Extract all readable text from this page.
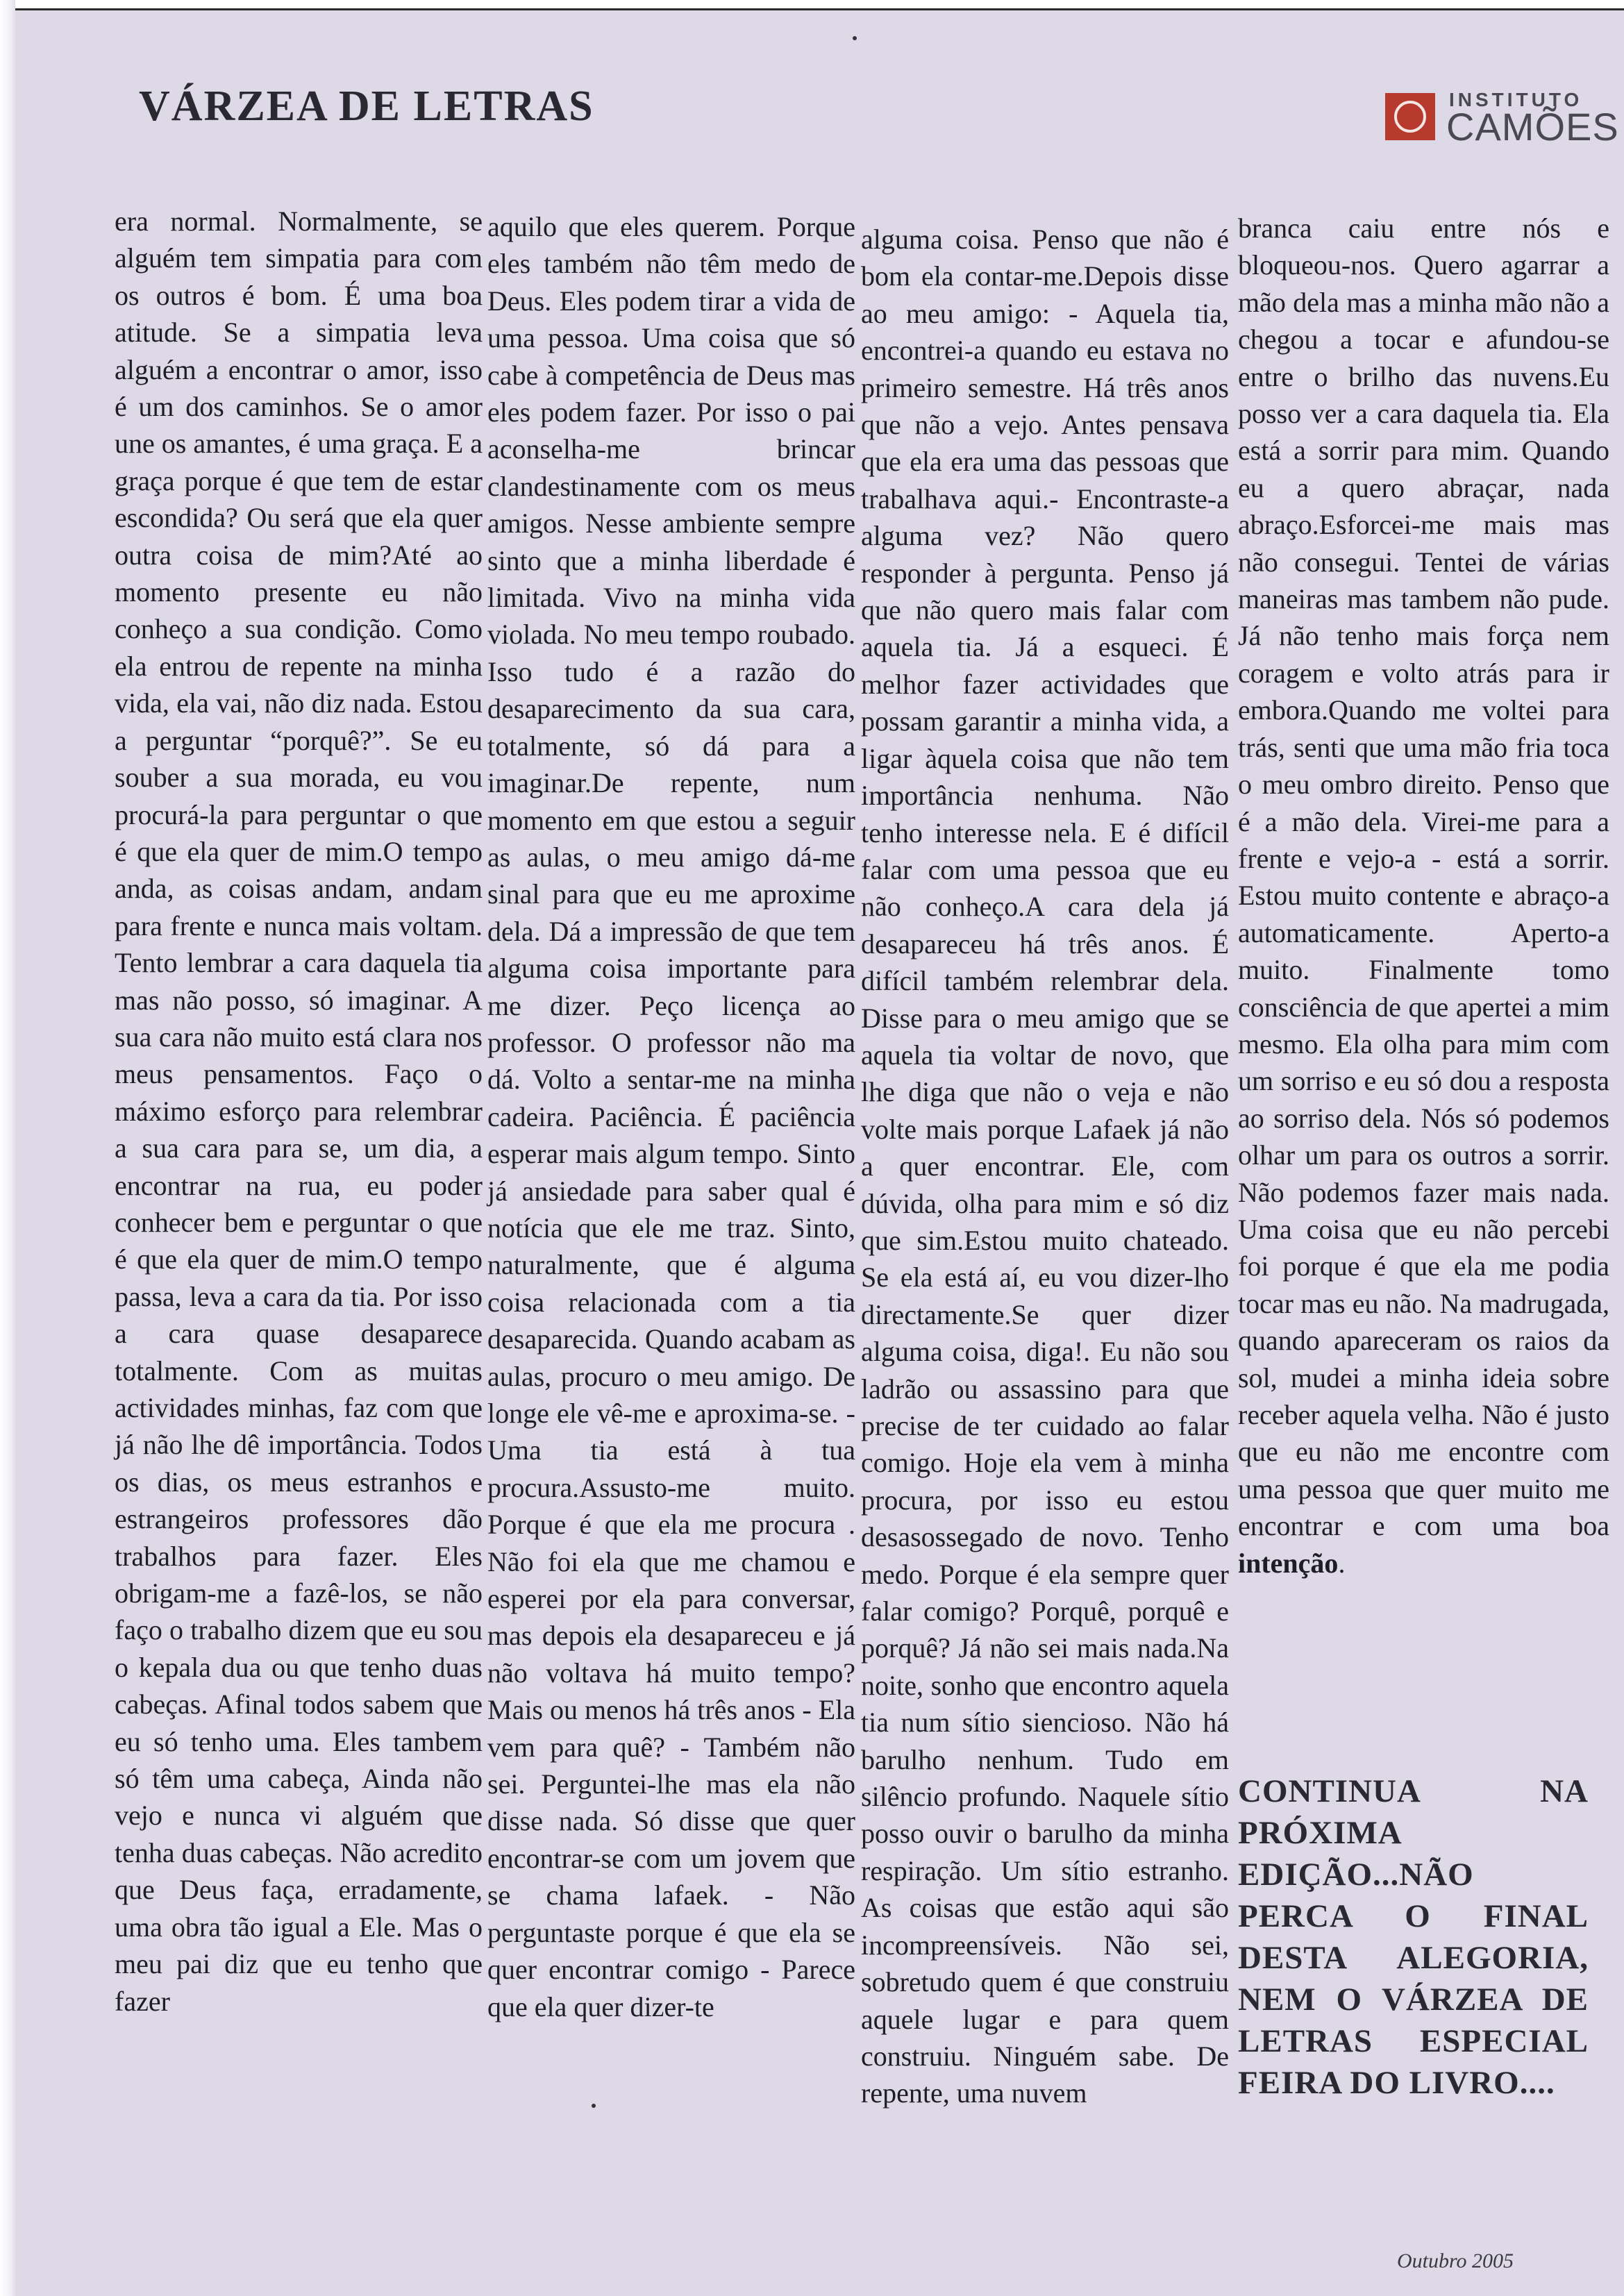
VÁRZEA DE LETRAS	INSTITUTO
CAMÕES
era normal. Normalmente, se alguém tem simpatia para com os outros é bom. É uma boa atitude. Se a simpatia leva alguém a encontrar o amor, isso é um dos caminhos. Se o amor une os amantes, é uma graça. E a graça porque é que tem de estar escondida? Ou será que ela quer outra coisa de mim?Até ao momento presente eu não conheço a sua condição. Como ela entrou de repente na minha vida, ela vai, não diz nada. Estou a perguntar “porquê?”. Se eu souber a sua morada, eu vou procurá-la para perguntar o que é que ela quer de mim.O tempo anda, as coisas andam, andam para frente e nunca mais voltam. Tento lembrar a cara daquela tia mas não posso, só imaginar. A sua cara não muito está clara nos meus pensamentos. Faço o máximo esforço para relembrar a sua cara para se, um dia, a encontrar na rua, eu poder conhecer bem e perguntar o que é que ela quer de mim.O tempo passa, leva a cara da tia. Por isso a cara quase desaparece totalmente. Com as muitas actividades minhas, faz com que já não lhe dê importância. Todos os dias, os meus estranhos e estrangeiros professores dão trabalhos para fazer. Eles obrigam-me a fazê-los, se não faço o trabalho dizem que eu sou o kepala dua ou que tenho duas cabeças. Afinal todos sabem que eu só tenho uma. Eles tambem só têm uma cabeça, Ainda não vejo e nunca vi alguém que tenha duas cabeças. Não acredito que Deus faça, erradamente, uma obra tão igual a Ele. Mas o meu pai diz que eu tenho que fazer
aquilo que eles querem. Porque eles também não têm medo de Deus. Eles podem tirar a vida de uma pessoa. Uma coisa que só cabe à competência de Deus mas eles podem fazer. Por isso o pai aconselha-me brincar clandestinamente com os meus amigos. Nesse ambiente sempre sinto que a minha liberdade é limitada. Vivo na minha vida violada. No meu tempo roubado. Isso tudo é a razão do desaparecimento da sua cara, totalmente, só dá para a imaginar.De repente, num momento em que estou a seguir as aulas, o meu amigo dá-me sinal para que eu me aproxime dela. Dá a impressão de que tem alguma coisa importante para me dizer. Peço licença ao professor. O professor não ma dá. Volto a sentar-me na minha cadeira. Paciência. É paciência esperar mais algum tempo. Sinto já ansiedade para saber qual é notícia que ele me traz. Sinto, naturalmente, que é alguma coisa relacionada com a tia desaparecida. Quando acabam as aulas, procuro o meu amigo. De longe ele vê-me e aproxima-se. - Uma tia está à tua procura.Assusto-me muito. Porque é que ela me procura . Não foi ela que me chamou e esperei por ela para conversar, mas depois ela desapareceu e já não voltava há muito tempo? Mais ou menos há três anos - Ela vem para quê? - Também não sei. Perguntei-lhe mas ela não disse nada. Só disse que quer encontrar-se com um jovem que se chama lafaek. - Não perguntaste porque é que ela se quer encontrar comigo - Parece que ela quer dizer-te
alguma coisa. Penso que não é bom ela contar-me.Depois disse ao meu amigo: - Aquela tia, encontrei-a quando eu estava no primeiro semestre. Há três anos que não a vejo. Antes pensava que ela era uma das pessoas que trabalhava aqui.- Encontraste-a alguma vez? Não quero responder à pergunta. Penso já que não quero mais falar com aquela tia. Já a esqueci. É melhor fazer actividades que possam garantir a minha vida, a ligar àquela coisa que não tem importância nenhuma. Não tenho interesse nela. E é difícil falar com uma pessoa que eu não conheço.A cara dela já desapareceu há três anos. É difícil também relembrar dela. Disse para o meu amigo que se aquela tia voltar de novo, que lhe diga que não o veja e não volte mais porque Lafaek já não a quer encontrar. Ele, com dúvida, olha para mim e só diz que sim.Estou muito chateado. Se ela está aí, eu vou dizer-lho directamente.Se quer dizer alguma coisa, diga!. Eu não sou ladrão ou assassino para que precise de ter cuidado ao falar comigo. Hoje ela vem à minha procura, por isso eu estou desasossegado de novo. Tenho medo. Porque é ela sempre quer falar comigo? Porquê, porquê e porquê? Já não sei mais nada.Na noite, sonho que encontro aquela tia num sítio siencioso. Não há barulho nenhum. Tudo em silêncio profundo. Naquele sítio posso ouvir o barulho da minha respiração. Um sítio estranho. As coisas que estão aqui são incompreensíveis. Não sei, sobretudo quem é que construiu aquele lugar e para quem construiu. Ninguém sabe. De repente, uma nuvem
branca caiu entre nós e bloqueou-nos. Quero agarrar a mão dela mas a minha mão não a chegou a tocar e afundou-se entre o brilho das nuvens.Eu posso ver a cara daquela tia. Ela está a sorrir para mim. Quando eu a quero abraçar, nada abraço.Esforcei-me mais mas não consegui. Tentei de várias maneiras mas tambem não pude. Já não tenho mais força nem coragem e volto atrás para ir embora.Quando me voltei para trás, senti que uma mão fria toca o meu ombro direito. Penso que é a mão dela. Virei-me para a frente e vejo-a - está a sorrir. Estou muito contente e abraço-a automaticamente. Aperto-a muito. Finalmente tomo consciência de que apertei a mim mesmo. Ela olha para mim com um sorriso e eu só dou a resposta ao sorriso dela. Nós só podemos olhar um para os outros a sorrir. Não podemos fazer mais nada. Uma coisa que eu não percebi foi porque é que ela me podia tocar mas eu não. Na madrugada, quando apareceram os raios da sol, mudei a minha ideia sobre receber aquela velha. Não é justo que eu não me encontre com uma pessoa que quer muito me encontrar e com uma boa intenção.
CONTINUA NA PRÓXIMA EDIÇÃO...NÃO PERCA O FINAL DESTA ALEGORIA, NEM O VÁRZEA DE LETRAS ESPECIAL FEIRA DO LIVRO....
Outubro 2005
